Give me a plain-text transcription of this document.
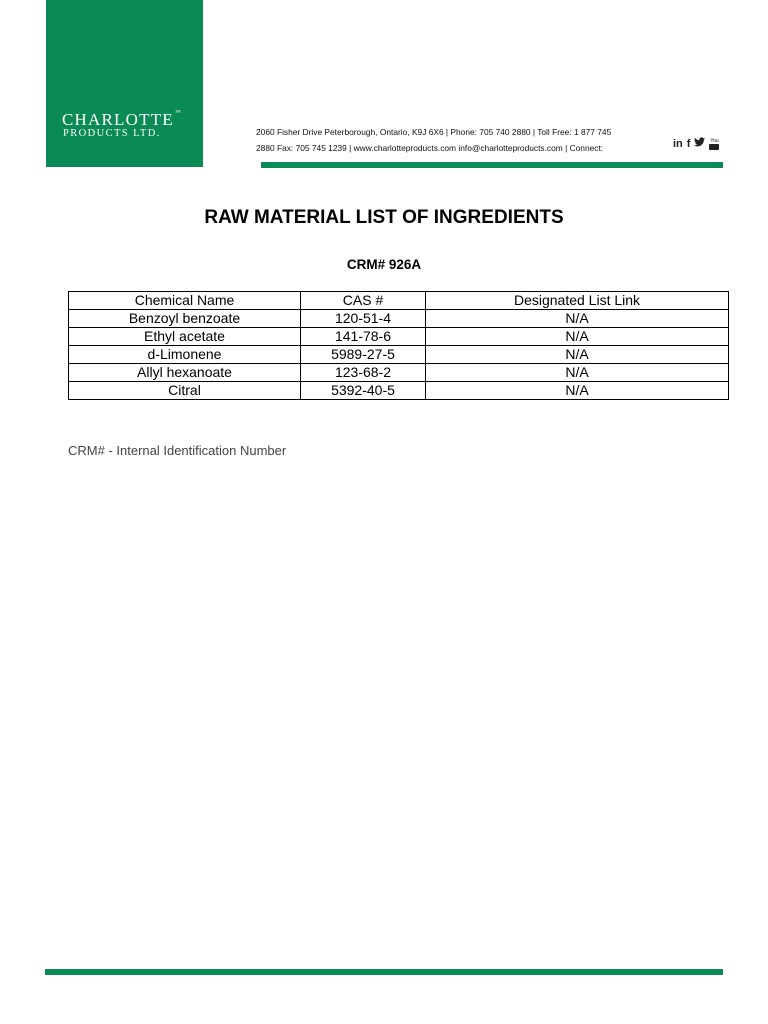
CHARLOTTE™
PRODUCTS LTD.	2060 Fisher Drive Peterborough, Ontario, K9J 6X6 | Phone: 705 740 2880 | Toll Free: 1 877 745
2880 Fax: 705 745 1239 | www.charlotteproducts.com info@charlotteproducts.com | Connect:	in f	You
RAW MATERIAL LIST OF INGREDIENTS
CRM# 926A
Chemical Name	CAS #	Designated List Link
Benzoyl benzoate	120-51-4	N/A
Ethyl acetate	141-78-6	N/A
d-Limonene	5989-27-5	N/A
Allyl hexanoate	123-68-2	N/A
Citral	5392-40-5	N/A
CRM# - Internal Identification Number
